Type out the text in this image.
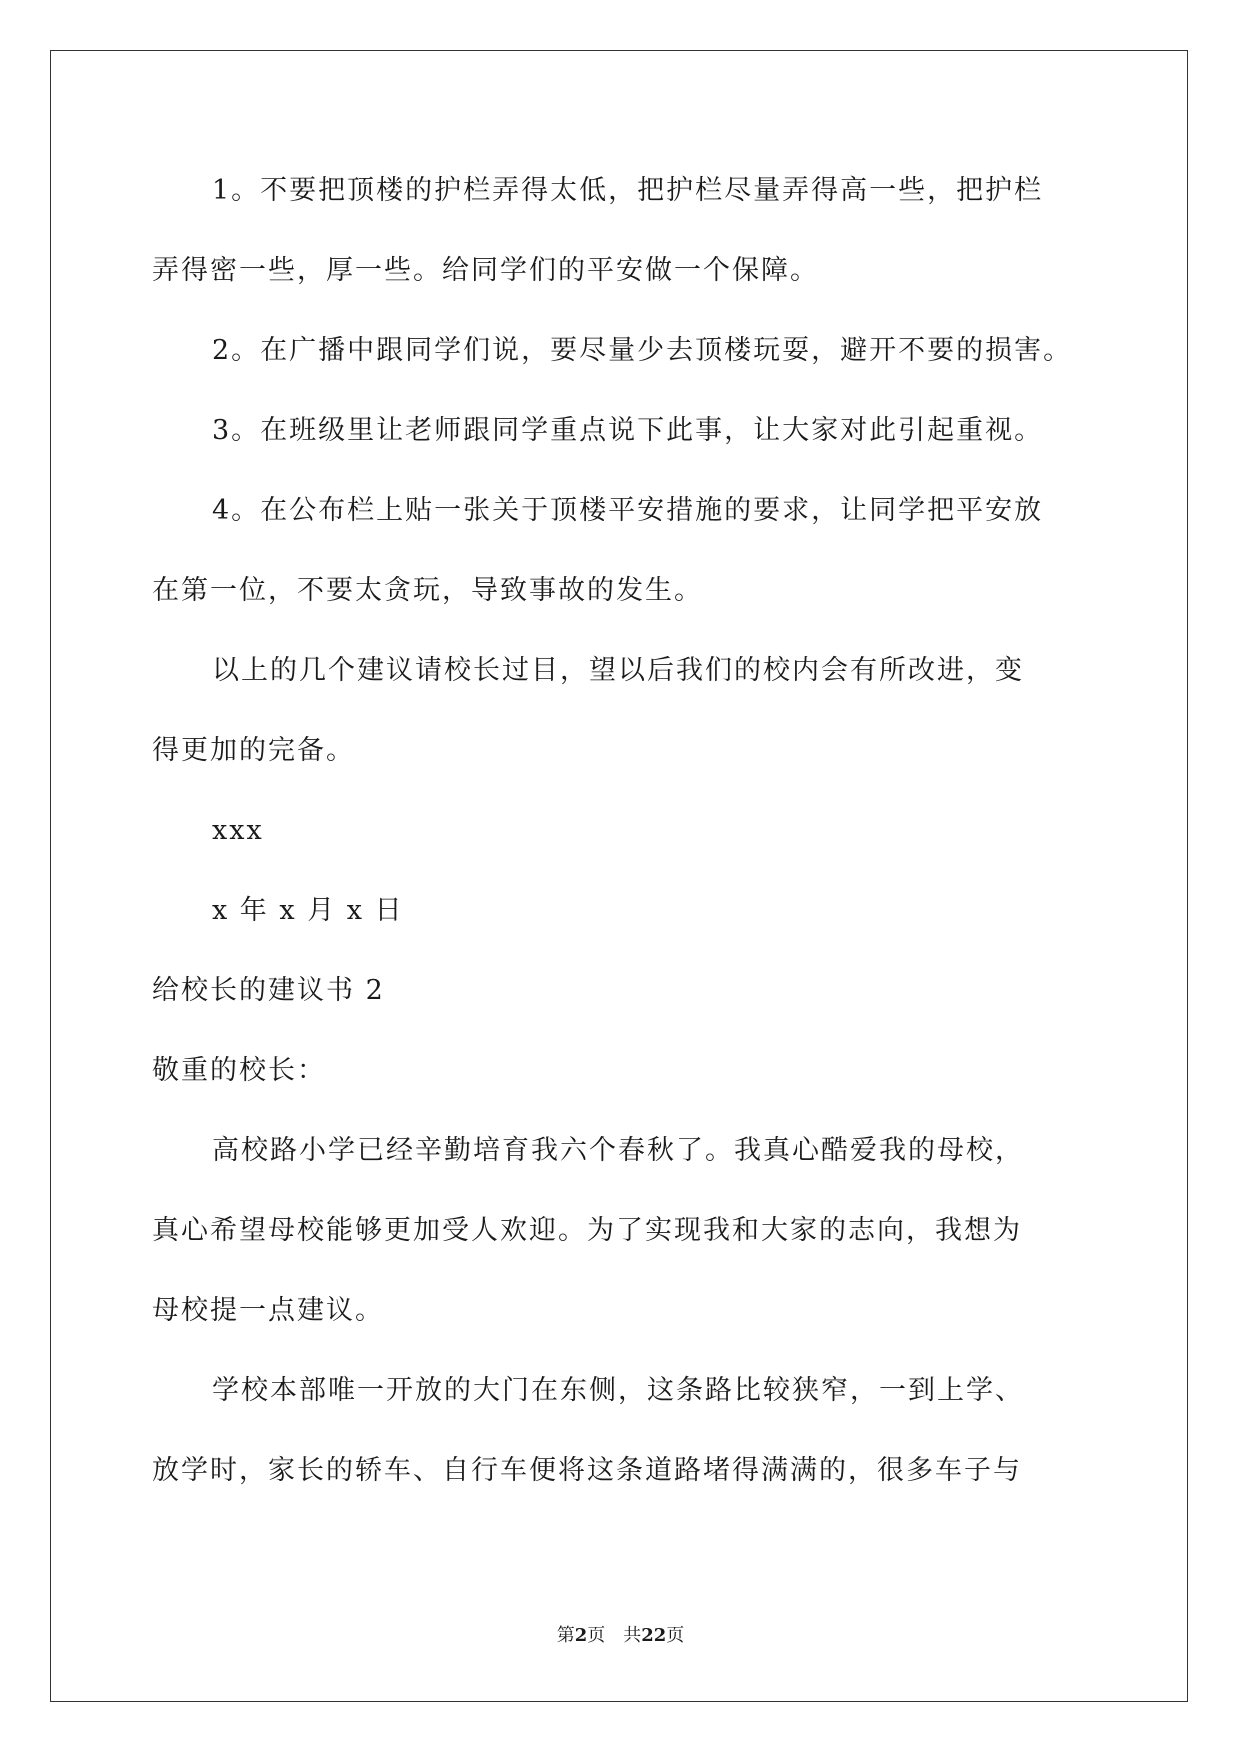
1。不要把顶楼的护栏弄得太低，把护栏尽量弄得高一些，把护栏
弄得密一些，厚一些。给同学们的平安做一个保障。
2。在广播中跟同学们说，要尽量少去顶楼玩耍，避开不要的损害。
3。在班级里让老师跟同学重点说下此事，让大家对此引起重视。
4。在公布栏上贴一张关于顶楼平安措施的要求，让同学把平安放
在第一位，不要太贪玩，导致事故的发生。
以上的几个建议请校长过目，望以后我们的校内会有所改进，变
得更加的完备。
xxx
x 年 x 月 x 日
给校长的建议书 2
敬重的校长：
高校路小学已经辛勤培育我六个春秋了。我真心酷爱我的母校，
真心希望母校能够更加受人欢迎。为了实现我和大家的志向，我想为
母校提一点建议。
学校本部唯一开放的大门在东侧，这条路比较狭窄，一到上学、
放学时，家长的轿车、自行车便将这条道路堵得满满的，很多车子与
第2页　共22页
